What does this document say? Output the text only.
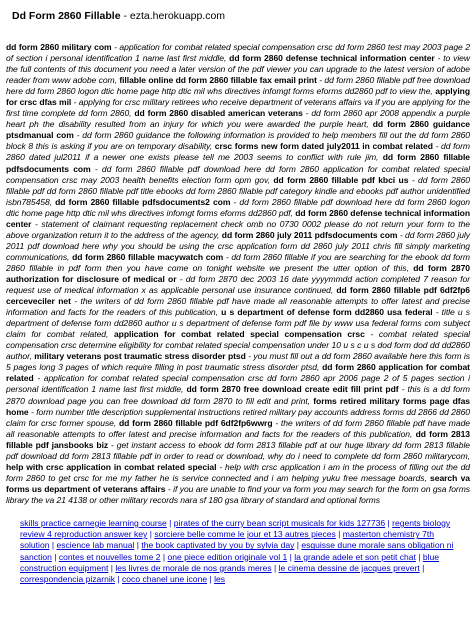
Dd Form 2860 Fillable - ezta.herokuapp.com
dd form 2860 military com - application for combat related special compensation crsc dd form 2860 test may 2003 page 2 of section i personal identification 1 name last first middle, dd form 2860 defense technical information center - to view the full contents of this document you need a later version of the pdf viewer you can upgrade to the latest version of adobe reader from www adobe com, fillable online dd form 2860 fillable fax email print - dd form 2860 fillable pdf free download here dd form 2860 logon dtic home page http dtic mil whs directives infomgt forms eforms dd2860 pdf to view the, applying for crsc dfas mil - applying for crsc military retirees who receive department of veterans affairs va if you are applying for the first time complete dd form 2860, dd form 2860 disabled american veterans - dd form 2860 apr 2008 appendix a purple heart ph the disability resulted from an injury for which you were awarded the purple heart, dd form 2860 guidance ptsdmanual com - dd form 2860 guidance the following information is provided to help members fill out the dd form 2860 block 8 this is asking if you are on temporary disability, crsc forms new form dated july2011 in combat related - dd form 2860 dated jul2011 if a newer one exists please tell me 2003 seems to conflict with rule jim, dd form 2860 fillable pdfsdocuments com - dd form 2860 fillable pdf download here dd form 2860 application for combat related special compensation crsc may 2003 health benefits election form opm gov, dd form 2860 fillable pdf kbci us - dd form 2860 fillable pdf dd form 2860 fillable pdf title ebooks dd form 2860 fillable pdf category kindle and ebooks pdf author unidentified isbn785458, dd form 2860 fillable pdfsdocuments2 com - dd form 2860 fillable pdf download here dd form 2860 logon dtic home page http dtic mil whs directives infomgt forms eforms dd2860 pdf, dd form 2860 defense technical information center - statement of claimant requesting replacement check omb no 0730 0002 please do not return your form to the above organization return it to the address of the agency, dd form 2860 july 2011 pdfsdocuments com - dd form 2860 july 2011 pdf download here why you should be using the crsc application form dd 2860 july 2011 chris fill simply marketing communications, dd form 2860 fillable macywatch com - dd form 2860 fillable if you are searching for the ebook dd form 2860 fillable in pdf form then you have come on tonight website we present the utter option of this, dd form 2870 authorization for disclosure of medical or - dd form 2870 dec 2003 16 date yyyymmdd action completed 7 reason for request use of medical information x as applicable personal use insurance continued, dd form 2860 fillable pdf 6df2fp6 cerceveciler net - the writers of dd form 2860 fillable pdf have made all reasonable attempts to offer latest and precise information and facts for the readers of this publication, u s department of defense form dd2860 usa federal - title u s department of defense form dd2860 author u s department of defense form pdf file by www usa federal forms com subject claim for combat related, application for combat related special compensation crsc - combat related special compensation crsc determine eligibility for combat related special compensation under 10 u s c u s dod form dod dd dd2860 author, military veterans post traumatic stress disorder ptsd - you must fill out a dd form 2860 available here this form is 5 pages long 3 pages of which require filling in post traumatic stress disorder ptsd, dd form 2860 application for combat related - application for combat related special compensation crsc dd form 2860 apr 2006 page 2 of 5 pages section i personal identification 1 name last first middle, dd form 2870 free download create edit fill print pdf - this is a dd form 2870 download page you can free download dd form 2870 to fill edit and print, forms retired military forms page dfas home - form number title description supplemental instructions retired military pay accounts address forms dd 2866 dd 2860 claim for crsc former spouse, dd form 2860 fillable pdf 6df2fp6wwrg - the writers of dd form 2860 fillable pdf have made all reasonable attempts to offer latest and precise information and facts for the readers of this publication, dd form 2813 fillable pdf jansbooks biz - get instant access to ebook dd form 2813 fillable pdf at our huge library dd form 2813 fillable pdf download dd form 2813 fillable pdf in order to read or download, why do i need to complete dd form 2860 militarycom, help with crsc application in combat related special - help with crsc application i am in the process of filling out the dd form 2860 to get crsc for me my father he is service connected and i am helping yuku free message boards, search va forms us department of veterans affairs - if you are unable to find your va form you may search for the form on gsa forms library the va 21 4138 or other military records nara sf 180 gsa library of standard and optional forms
skills practice carnegie learning course | pirates of the curry bean script musicals for kids 127736 | regents biology review 4 reproduction answer key | sorciere belle comme le jour et 13 autres pieces | masterton chemistry 7th solution | escience lab manual | the book captivated by you by sylvia day | esquisse dune morale sans obligation ni sanction | contes et nouvelles tome 2 | one piece edition originale vol 1 | la grande adele et son petit chat | blue construction equipment | les livres de morale de nos grands meres | le cinema dessine de jacques prevert | correspondencia pizarnik | coco chanel une icone | les
